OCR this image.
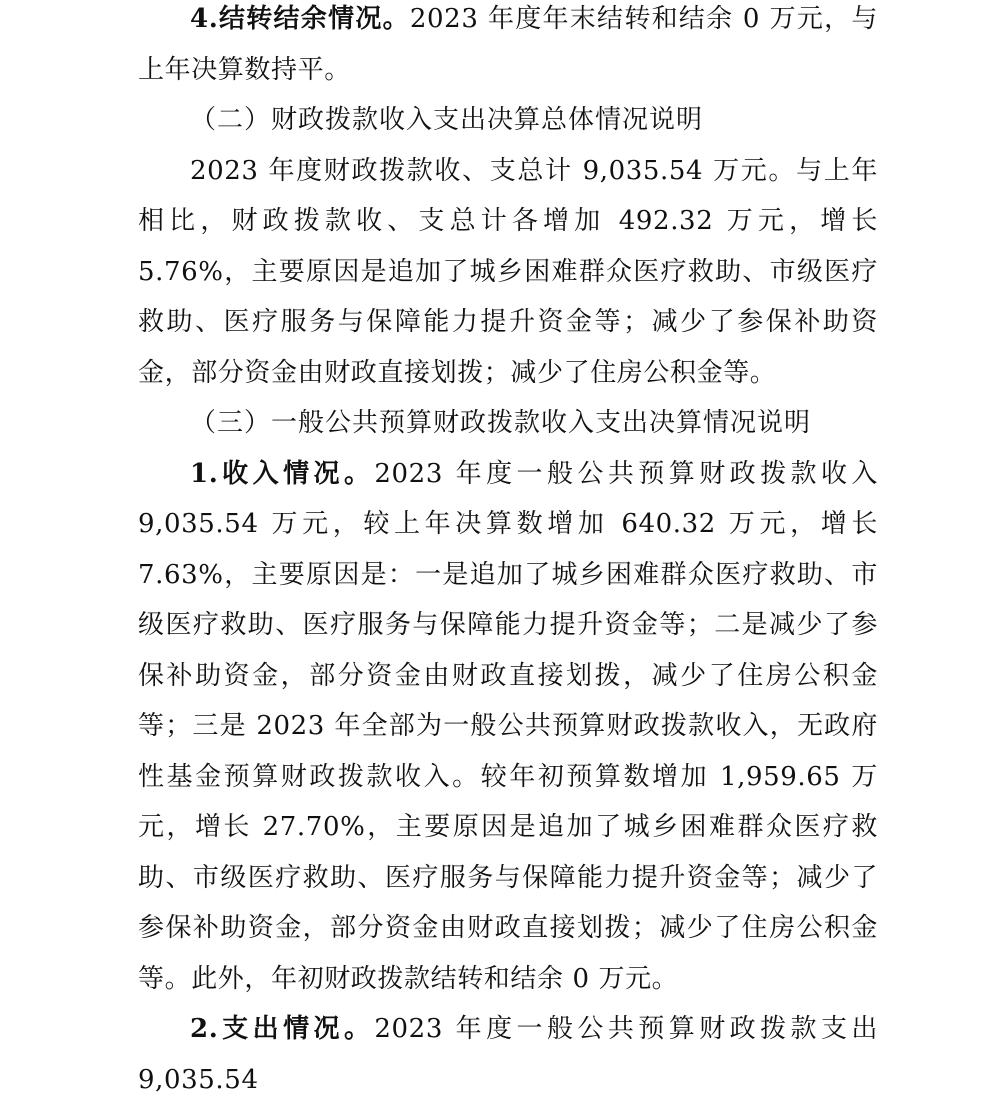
4.结转结余情况。2023 年度年末结转和结余 0 万元，与上年决算数持平。

（二）财政拨款收入支出决算总体情况说明

2023 年度财政拨款收、支总计 9,035.54 万元。与上年相比，财政拨款收、支总计各增加 492.32 万元，增长 5.76%，主要原因是追加了城乡困难群众医疗救助、市级医疗救助、医疗服务与保障能力提升资金等；减少了参保补助资金，部分资金由财政直接划拨；减少了住房公积金等。

（三）一般公共预算财政拨款收入支出决算情况说明

1.收入情况。2023 年度一般公共预算财政拨款收入 9,035.54 万元，较上年决算数增加 640.32 万元，增长 7.63%，主要原因是：一是追加了城乡困难群众医疗救助、市级医疗救助、医疗服务与保障能力提升资金等；二是减少了参保补助资金，部分资金由财政直接划拨，减少了住房公积金等；三是 2023 年全部为一般公共预算财政拨款收入，无政府性基金预算财政拨款收入。较年初预算数增加 1,959.65 万元，增长 27.70%，主要原因是追加了城乡困难群众医疗救助、市级医疗救助、医疗服务与保障能力提升资金等；减少了参保补助资金，部分资金由财政直接划拨；减少了住房公积金等。此外，年初财政拨款结转和结余 0 万元。

2.支出情况。2023 年度一般公共预算财政拨款支出 9,035.54
